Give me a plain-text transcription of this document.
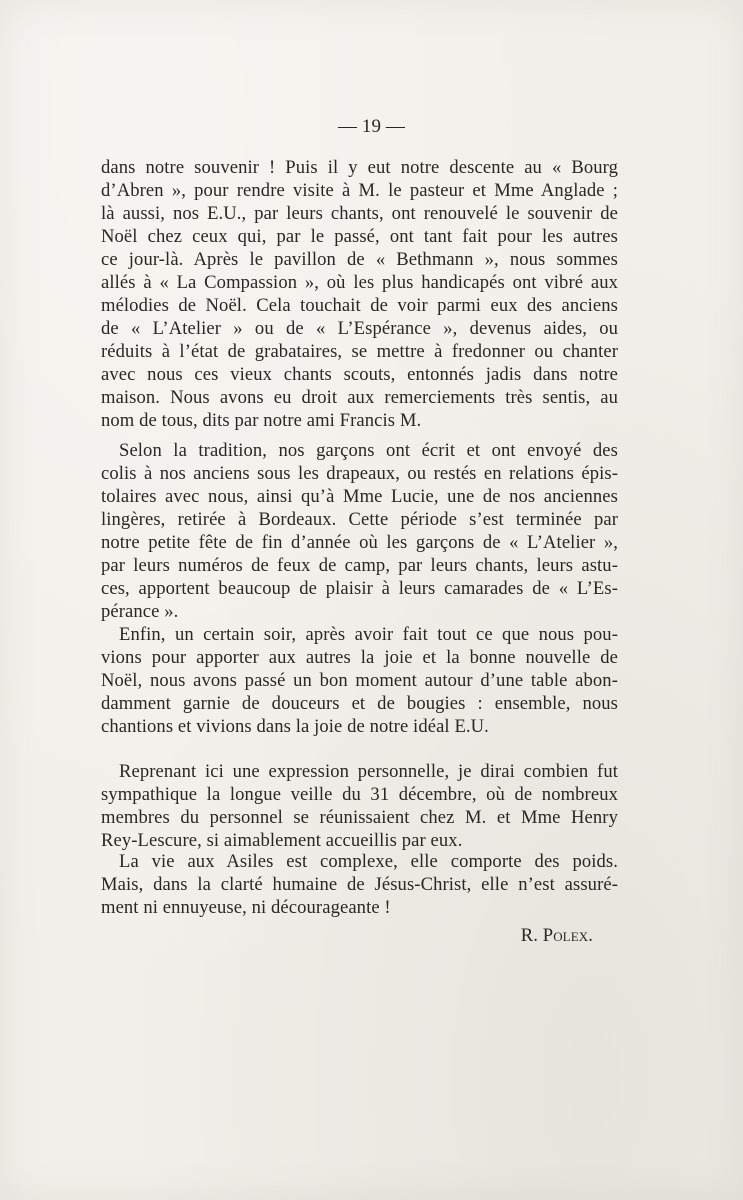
— 19 —
dans notre souvenir ! Puis il y eut notre descente au « Bourg
d’Abren », pour rendre visite à M. le pasteur et Mme Anglade ;
là aussi, nos E.U., par leurs chants, ont renouvelé le souvenir de
Noël chez ceux qui, par le passé, ont tant fait pour les autres
ce jour-là. Après le pavillon de « Bethmann », nous sommes
allés à « La Compassion », où les plus handicapés ont vibré aux
mélodies de Noël. Cela touchait de voir parmi eux des anciens
de « L’Atelier » ou de « L’Espérance », devenus aides, ou
réduits à l’état de grabataires, se mettre à fredonner ou chanter
avec nous ces vieux chants scouts, entonnés jadis dans notre
maison. Nous avons eu droit aux remerciements très sentis, au
nom de tous, dits par notre ami Francis M.
Selon la tradition, nos garçons ont écrit et ont envoyé des
colis à nos anciens sous les drapeaux, ou restés en relations épis-
tolaires avec nous, ainsi qu’à Mme Lucie, une de nos anciennes
lingères, retirée à Bordeaux. Cette période s’est terminée par
notre petite fête de fin d’année où les garçons de « L’Atelier »,
par leurs numéros de feux de camp, par leurs chants, leurs astu-
ces, apportent beaucoup de plaisir à leurs camarades de « L’Es-
pérance ».
Enfin, un certain soir, après avoir fait tout ce que nous pou-
vions pour apporter aux autres la joie et la bonne nouvelle de
Noël, nous avons passé un bon moment autour d’une table abon-
damment garnie de douceurs et de bougies : ensemble, nous
chantions et vivions dans la joie de notre idéal E.U.
Reprenant ici une expression personnelle, je dirai combien fut
sympathique la longue veille du 31 décembre, où de nombreux
membres du personnel se réunissaient chez M. et Mme Henry
Rey-Lescure, si aimablement accueillis par eux.
La vie aux Asiles est complexe, elle comporte des poids.
Mais, dans la clarté humaine de Jésus-Christ, elle n’est assuré-
ment ni ennuyeuse, ni décourageante !
R. Polex.
